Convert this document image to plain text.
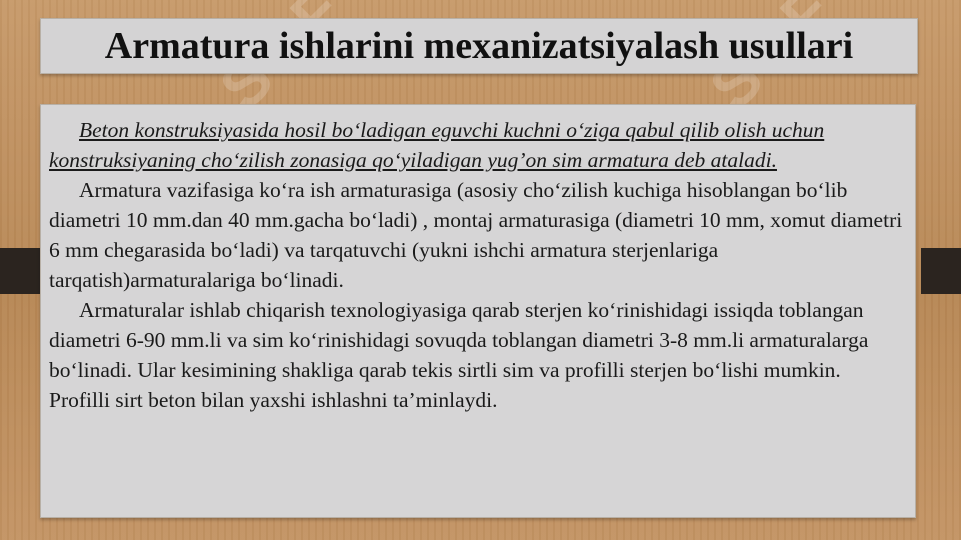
Armatura ishlarini mexanizatsiyalash usullari

Beton konstruksiyasida hosil bo‘ladigan eguvchi kuchni o‘ziga qabul qilib olish uchun konstruksiyaning cho‘zilish zonasiga qo‘yiladigan yug’on sim armatura deb ataladi.

Armatura vazifasiga ko‘ra ish armaturasiga (asosiy cho‘zilish kuchiga hisoblangan bo‘lib diametri 10 mm.dan 40 mm.gacha bo‘ladi) , montaj armaturasiga (diametri 10 mm, xomut diametri 6 mm chegarasida bo‘ladi) va tarqatuvchi (yukni ishchi armatura sterjenlariga tarqatish)armaturalariga bo‘linadi.

Armaturalar ishlab chiqarish texnologiyasiga qarab sterjen ko‘rinishidagi issiqda toblangan diametri 6-90 mm.li va sim ko‘rinishidagi sovuqda toblangan diametri 3-8 mm.li armaturalarga bo‘linadi. Ular kesimining shakliga qarab tekis sirtli sim va profilli sterjen bo‘lishi mumkin. Profilli sirt beton bilan yaxshi ishlashni ta’minlaydi.
